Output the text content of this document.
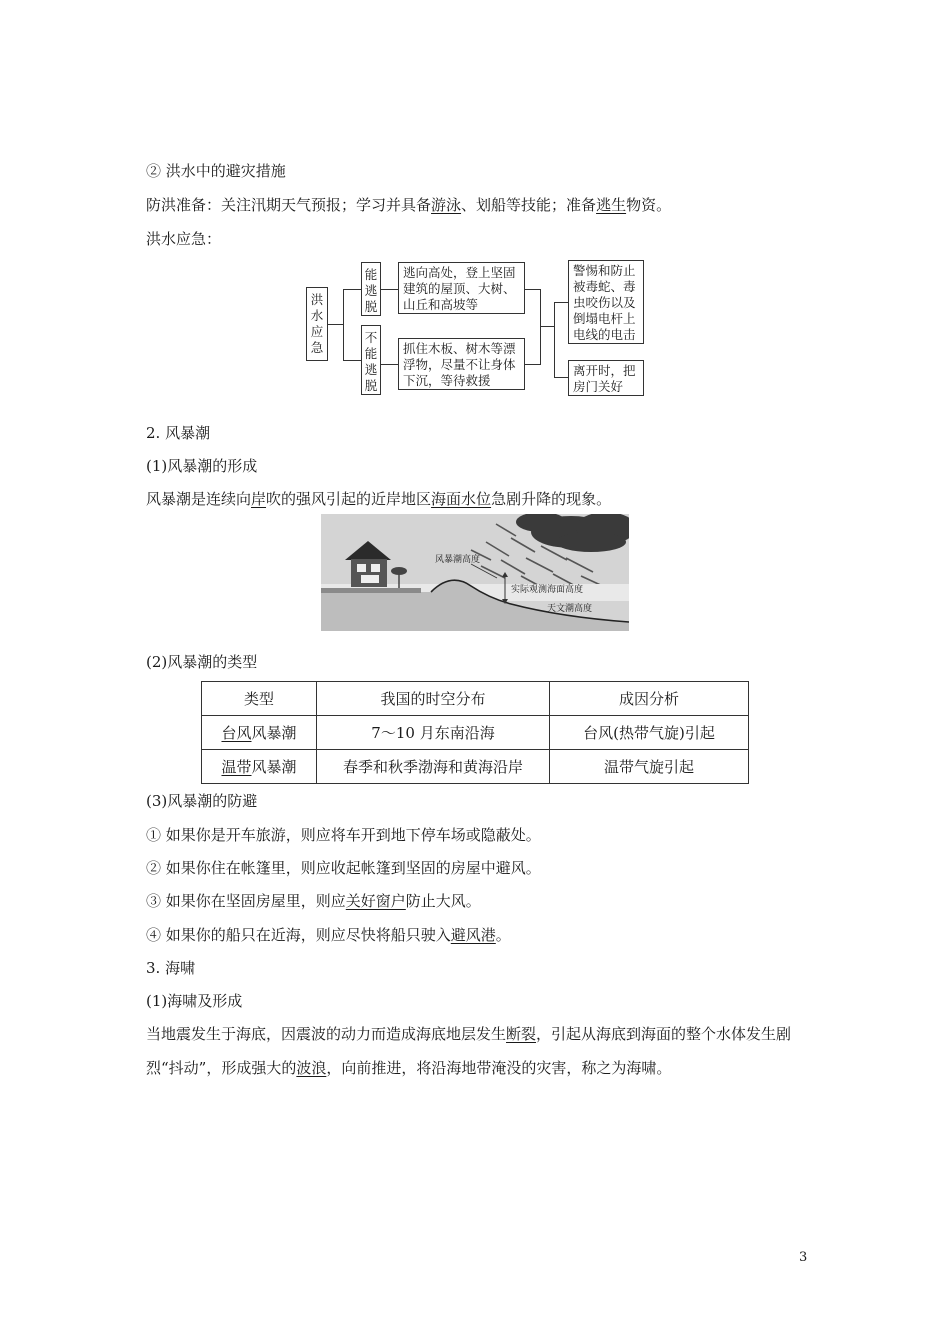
② 洪水中的避灾措施
防洪准备：关注汛期天气预报；学习并具备游泳、划船等技能；准备逃生物资。
洪水应急：
洪水应急
能逃脱
不能逃脱
逃向高处，登上坚固建筑的屋顶、大树、山丘和高坡等
抓住木板、树木等漂浮物，尽量不让身体下沉，等待救援
警惕和防止被毒蛇、毒虫咬伤以及倒塌电杆上电线的电击
离开时，把房门关好
2. 风暴潮
(1)风暴潮的形成
风暴潮是连续向岸吹的强风引起的近岸地区海面水位急剧升降的现象。
风暴潮高度
实际观测海面高度
天文潮高度
(2)风暴潮的类型
类型	我国的时空分布	成因分析
台风风暴潮	7～10 月东南沿海	台风(热带气旋)引起
温带风暴潮	春季和秋季渤海和黄海沿岸	温带气旋引起
(3)风暴潮的防避
① 如果你是开车旅游，则应将车开到地下停车场或隐蔽处。
② 如果你住在帐篷里，则应收起帐篷到坚固的房屋中避风。
③ 如果你在坚固房屋里，则应关好窗户防止大风。
④ 如果你的船只在近海，则应尽快将船只驶入避风港。
3. 海啸
(1)海啸及形成
当地震发生于海底，因震波的动力而造成海底地层发生断裂，引起从海底到海面的整个水体发生剧烈“抖动”，形成强大的波浪，向前推进，将沿海地带淹没的灾害，称之为海啸。
3
